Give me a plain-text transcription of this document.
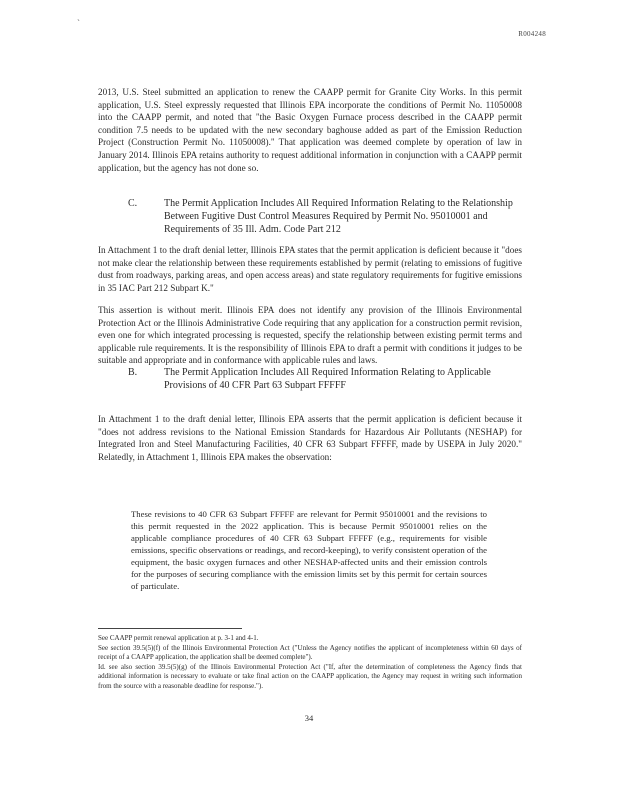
`
R004248
2013, U.S. Steel submitted an application to renew the CAAPP permit for Granite City Works. In this permit application, U.S. Steel expressly requested that Illinois EPA incorporate the conditions of Permit No. 11050008 into the CAAPP permit, and noted that "the Basic Oxygen Furnace process described in the CAAPP permit condition 7.5 needs to be updated with the new secondary baghouse added as part of the Emission Reduction Project (Construction Permit No. 11050008)." That application was deemed complete by operation of law in January 2014. Illinois EPA retains authority to request additional information in conjunction with a CAAPP permit application, but the agency has not done so.
C.	The Permit Application Includes All Required Information Relating to the Relationship Between Fugitive Dust Control Measures Required by Permit No. 95010001 and Requirements of 35 Ill. Adm. Code Part 212
In Attachment 1 to the draft denial letter, Illinois EPA states that the permit application is deficient because it "does not make clear the relationship between these requirements established by permit (relating to emissions of fugitive dust from roadways, parking areas, and open access areas) and state regulatory requirements for fugitive emissions in 35 IAC Part 212 Subpart K."
This assertion is without merit. Illinois EPA does not identify any provision of the Illinois Environmental Protection Act or the Illinois Administrative Code requiring that any application for a construction permit revision, even one for which integrated processing is requested, specify the relationship between existing permit terms and applicable rule requirements. It is the responsibility of Illinois EPA to draft a permit with conditions it judges to be suitable and appropriate and in conformance with applicable rules and laws.
B.	The Permit Application Includes All Required Information Relating to Applicable Provisions of 40 CFR Part 63 Subpart FFFFF
In Attachment 1 to the draft denial letter, Illinois EPA asserts that the permit application is deficient because it "does not address revisions to the National Emission Standards for Hazardous Air Pollutants (NESHAP) for Integrated Iron and Steel Manufacturing Facilities, 40 CFR 63 Subpart FFFFF, made by USEPA in July 2020." Relatedly, in Attachment 1, Illinois EPA makes the observation:
These revisions to 40 CFR 63 Subpart FFFFF are relevant for Permit 95010001 and the revisions to this permit requested in the 2022 application. This is because Permit 95010001 relies on the applicable compliance procedures of 40 CFR 63 Subpart FFFFF (e.g., requirements for visible emissions, specific observations or readings, and record-keeping), to verify consistent operation of the equipment, the basic oxygen furnaces and other NESHAP-affected units and their emission controls for the purposes of securing compliance with the emission limits set by this permit for certain sources of particulate.
See CAAPP permit renewal application at p. 3-1 and 4-1.
See section 39.5(5)(f) of the Illinois Environmental Protection Act ("Unless the Agency notifies the applicant of incompleteness within 60 days of receipt of a CAAPP application, the application shall be deemed complete").
Id. see also section 39.5(5)(g) of the Illinois Environmental Protection Act ("If, after the determination of completeness the Agency finds that additional information is necessary to evaluate or take final action on the CAAPP application, the Agency may request in writing such information from the source with a reasonable deadline for response.").
34
